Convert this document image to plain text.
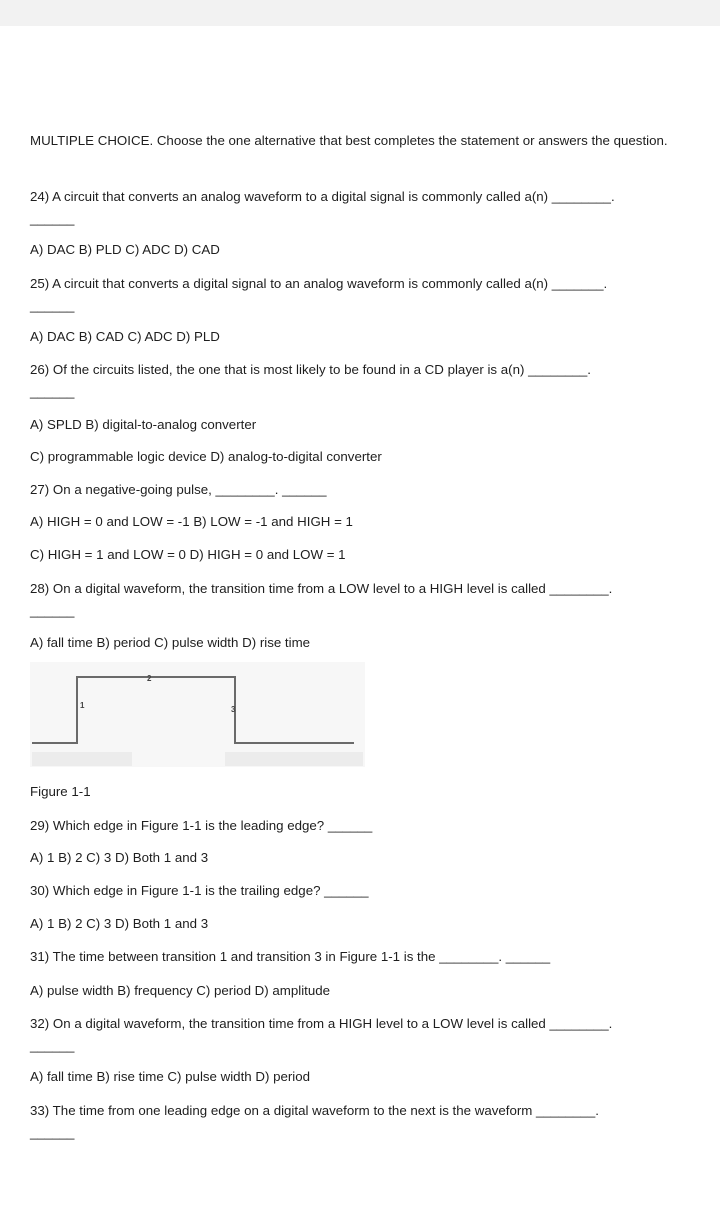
MULTIPLE CHOICE. Choose the one alternative that best completes the statement or answers the question.
24) A circuit that converts an analog waveform to a digital signal is commonly called a(n) ________.
______
A) DAC B) PLD C) ADC D) CAD
25) A circuit that converts a digital signal to an analog waveform is commonly called a(n) _______.
______
A) DAC B) CAD C) ADC D) PLD
26) Of the circuits listed, the one that is most likely to be found in a CD player is a(n) ________.
______
A) SPLD B) digital-to-analog converter
C) programmable logic device D) analog-to-digital converter
27) On a negative-going pulse, ________. ______
A) HIGH = 0 and LOW = -1 B) LOW = -1 and HIGH = 1
C) HIGH = 1 and LOW = 0 D) HIGH = 0 and LOW = 1
28) On a digital waveform, the transition time from a LOW level to a HIGH level is called ________.
______
A) fall time B) period C) pulse width D) rise time
2
1	3
Figure 1-1
29) Which edge in Figure 1-1 is the leading edge? ______
A) 1 B) 2 C) 3 D) Both 1 and 3
30) Which edge in Figure 1-1 is the trailing edge? ______
A) 1 B) 2 C) 3 D) Both 1 and 3
31) The time between transition 1 and transition 3 in Figure 1-1 is the ________. ______
A) pulse width B) frequency C) period D) amplitude
32) On a digital waveform, the transition time from a HIGH level to a LOW level is called ________.
______
A) fall time B) rise time C) pulse width D) period
33) The time from one leading edge on a digital waveform to the next is the waveform ________.
______
